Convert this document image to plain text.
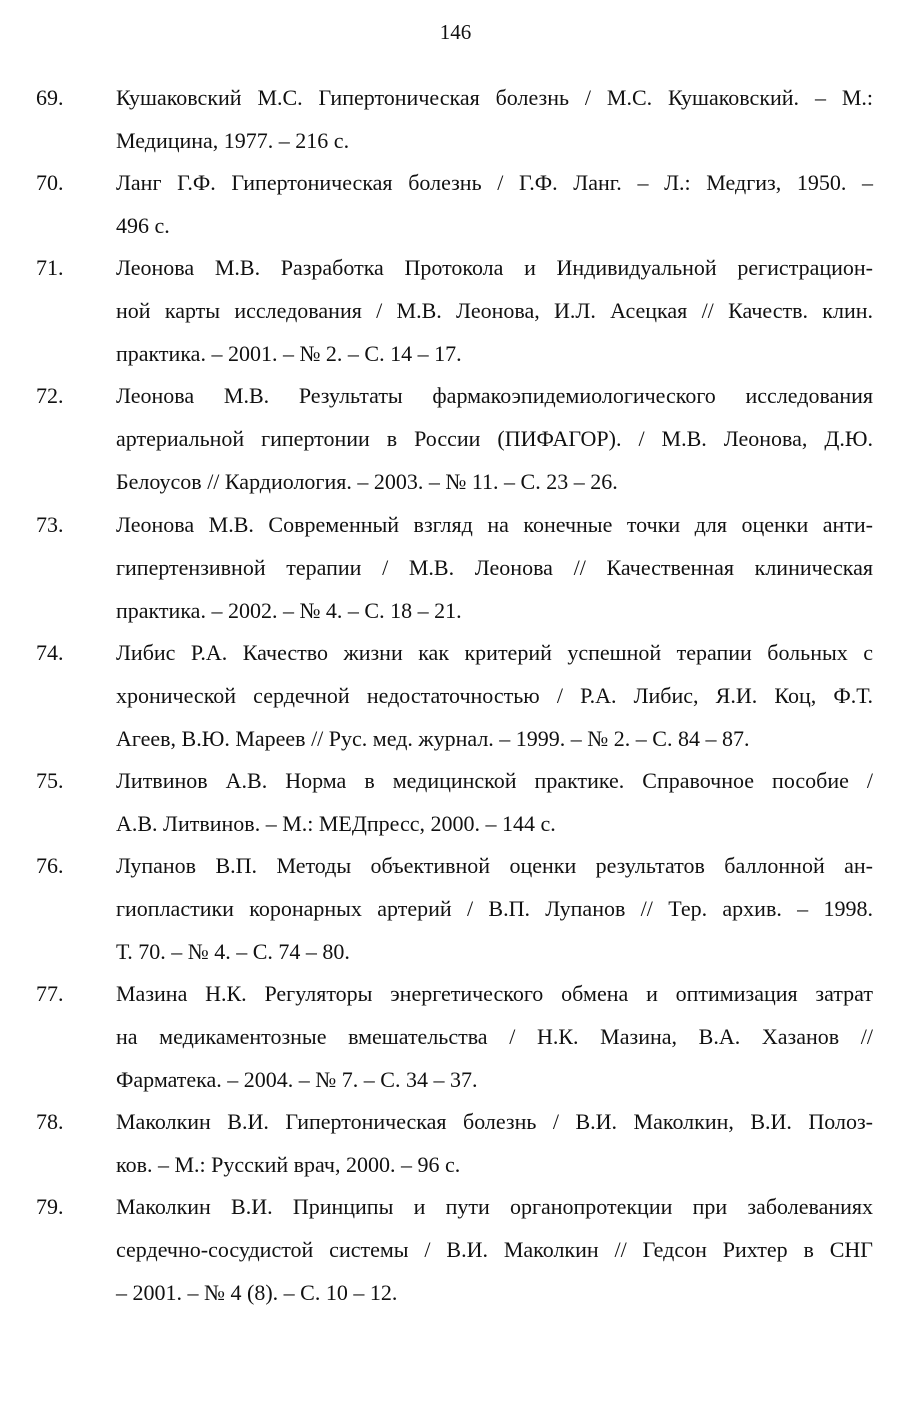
146
69. Кушаковский М.С. Гипертоническая болезнь / М.С. Кушаковский. – М.:
Медицина, 1977. – 216 с.
70. Ланг Г.Ф. Гипертоническая болезнь / Г.Ф. Ланг. – Л.: Медгиз, 1950. –
496 с.
71. Леонова М.В. Разработка Протокола и Индивидуальной регистрацион-
ной карты исследования / М.В. Леонова, И.Л. Асецкая // Качеств. клин.
практика. – 2001. – № 2. – С. 14 – 17.
72. Леонова М.В. Результаты фармакоэпидемиологического исследования
артериальной гипертонии в России (ПИФАГОР). / М.В. Леонова, Д.Ю.
Белоусов // Кардиология. – 2003. – № 11. – С. 23 – 26.
73. Леонова М.В. Современный взгляд на конечные точки для оценки анти-
гипертензивной терапии / М.В. Леонова // Качественная клиническая
практика. – 2002. – № 4. – С. 18 – 21.
74. Либис Р.А. Качество жизни как критерий успешной терапии больных с
хронической сердечной недостаточностью / Р.А. Либис, Я.И. Коц, Ф.Т.
Агеев, В.Ю. Мареев // Рус. мед. журнал. – 1999. – № 2. – С. 84 – 87.
75. Литвинов А.В. Норма в медицинской практике. Справочное пособие /
А.В. Литвинов. – М.: МЕДпресс, 2000. – 144 с.
76. Лупанов В.П. Методы объективной оценки результатов баллонной ан-
гиопластики коронарных артерий / В.П. Лупанов // Тер. архив. – 1998.
Т. 70. – № 4. – С. 74 – 80.
77. Мазина Н.К. Регуляторы энергетического обмена и оптимизация затрат
на медикаментозные вмешательства / Н.К. Мазина, В.А. Хазанов //
Фарматека. – 2004. – № 7. – С. 34 – 37.
78. Маколкин В.И. Гипертоническая болезнь / В.И. Маколкин, В.И. Полоз-
ков. – М.: Русский врач, 2000. – 96 с.
79. Маколкин В.И. Принципы и пути органопротекции при заболеваниях
сердечно-сосудистой системы / В.И. Маколкин // Гедсон Рихтер в СНГ
– 2001. – № 4 (8). – С. 10 – 12.
